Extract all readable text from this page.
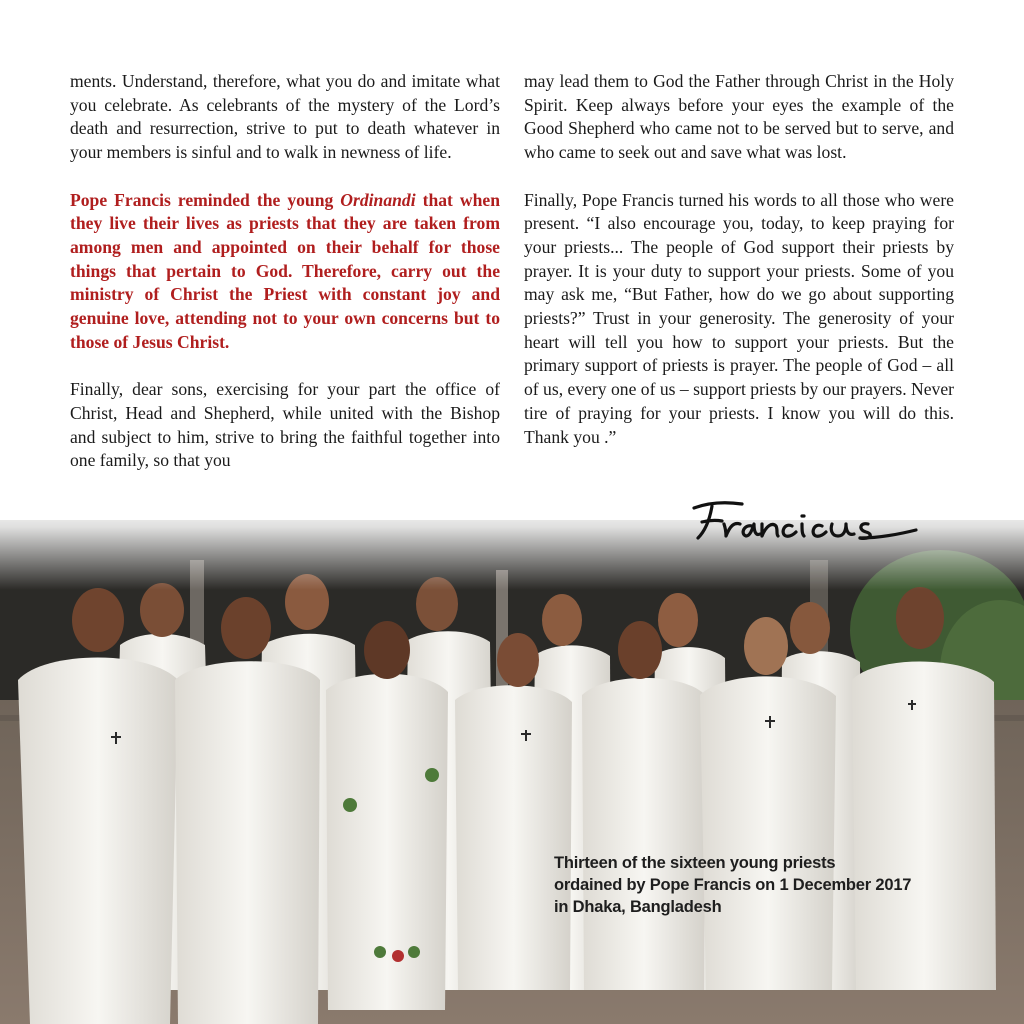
ments. Understand, therefore, what you do and imitate what you celebrate. As celebrants of the mystery of the Lord’s death and resurrection, strive to put to death whatever in your members is sinful and to walk in newness of life.

Pope Francis reminded the young Ordinandi that when they live their lives as priests that they are taken from among men and appointed on their behalf for those things that pertain to God. Therefore, carry out the ministry of Christ the Priest with constant joy and genuine love, attending not to your own concerns but to those of Jesus Christ.

Finally, dear sons, exercising for your part the office of Christ, Head and Shepherd, while united with the Bishop and subject to him, strive to bring the faithful together into one family, so that you

may lead them to God the Father through Christ in the Holy Spirit. Keep always before your eyes the example of the Good Shepherd who came not to be served but to serve, and who came to seek out and save what was lost.

Finally, Pope Francis turned his words to all those who were present. “I also encourage you, today, to keep praying for your priests... The people of God support their priests by prayer. It is your duty to support your priests. Some of you may ask me, “But Father, how do we go about supporting priests?” Trust in your generosity. The generosity of your heart will tell you how to support your priests. But the primary support of priests is prayer. The people of God – all of us, every one of us – support priests by our prayers. Never tire of praying for your priests. I know you will do this. Thank you .”

Thirteen of the sixteen young priests
ordained by Pope Francis on 1 December 2017
in Dhaka, Bangladesh
